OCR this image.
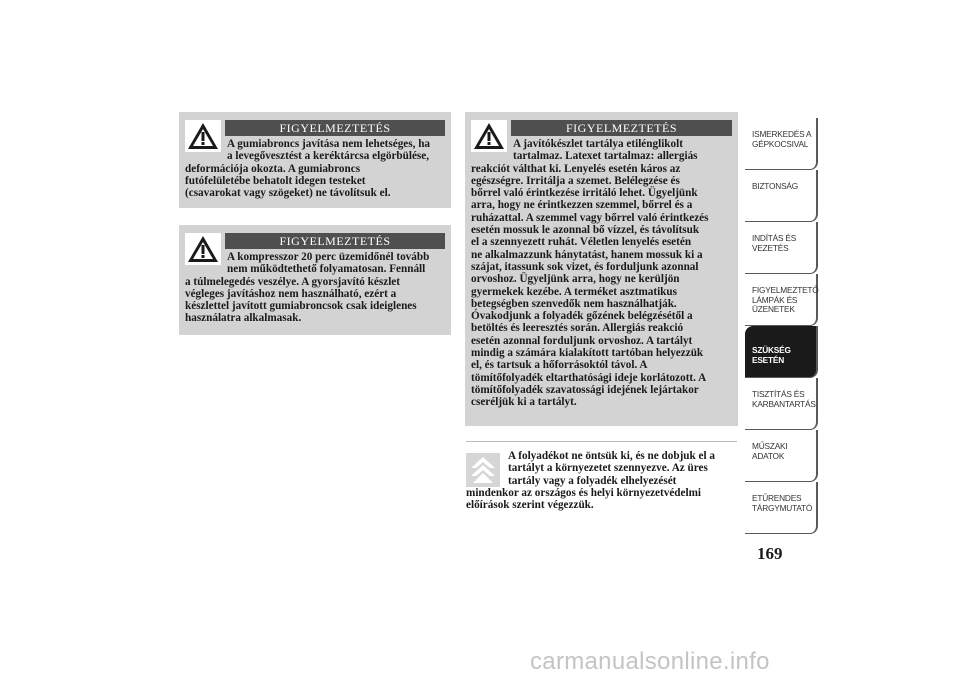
FIGYELMEZTETÉS
A gumiabroncs javítása nem lehetséges, ha
a levegővesztést a keréktárcsa elgörbülése,
deformációja okozta. A gumiabroncs
futófelületébe behatolt idegen testeket
(csavarokat vagy szögeket) ne távolítsuk el.
FIGYELMEZTETÉS
A kompresszor 20 perc üzemidőnél tovább
nem működtethető folyamatosan. Fennáll
a túlmelegedés veszélye. A gyorsjavító készlet
végleges javításhoz nem használható, ezért a
készlettel javított gumiabroncsok csak ideiglenes
használatra alkalmasak.
FIGYELMEZTETÉS
A javítókészlet tartálya etilénglikolt
tartalmaz. Latexet tartalmaz: allergiás
reakciót válthat ki. Lenyelés esetén káros az
egészségre. Irritálja a szemet. Belélegzése és
bőrrel való érintkezése irritáló lehet. Ügyeljünk
arra, hogy ne érintkezzen szemmel, bőrrel és a
ruházattal. A szemmel vagy bőrrel való érintkezés
esetén mossuk le azonnal bő vízzel, és távolítsuk
el a szennyezett ruhát. Véletlen lenyelés esetén
ne alkalmazzunk hánytatást, hanem mossuk ki a
szájat, itassunk sok vizet, és forduljunk azonnal
orvoshoz. Ügyeljünk arra, hogy ne kerüljön
gyermekek kezébe. A terméket asztmatikus
betegségben szenvedők nem használhatják.
Óvakodjunk a folyadék gőzének belégzésétől a
betöltés és leeresztés során. Allergiás reakció
esetén azonnal forduljunk orvoshoz. A tartályt
mindig a számára kialakított tartóban helyezzük
el, és tartsuk a hőforrásoktól távol. A
tömítőfolyadék eltarthatósági ideje korlátozott. A
tömítőfolyadék szavatossági idejének lejártakor
cseréljük ki a tartályt.
A folyadékot ne öntsük ki, és ne dobjuk el a
tartályt a környezetet szennyezve. Az üres
tartály vagy a folyadék elhelyezését
mindenkor az országos és helyi környezetvédelmi
előírások szerint végezzük.
ISMERKEDÉS A GÉPKOCSIVAL
BIZTONSÁG
INDÍTÁS ÉS VEZETÉS
FIGYELMEZTETŐ LÁMPÁK ÉS ÜZENETEK
SZÜKSÉG ESETÉN
TISZTÍTÁS ÉS KARBANTARTÁS
MŰSZAKI ADATOK
ETŰRENDES TÁRGYMUTATÓ
169
carmanualsonline.info
